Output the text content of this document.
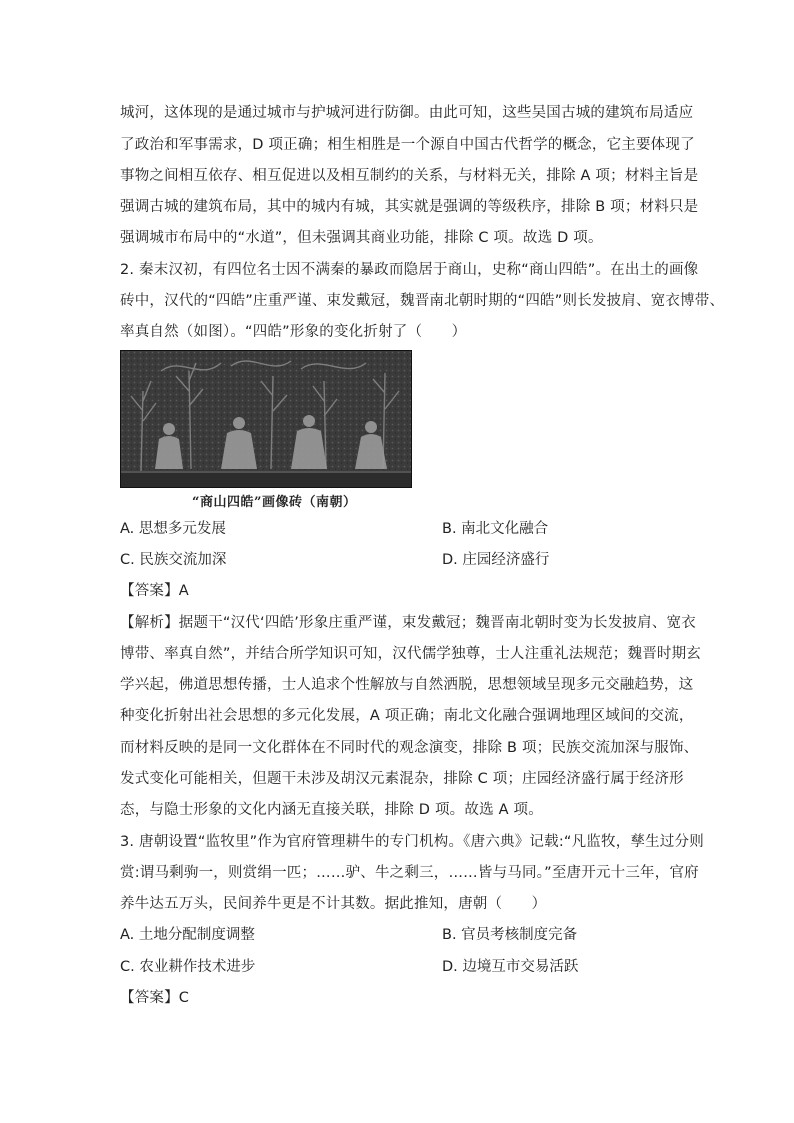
城河，这体现的是通过城市与护城河进行防御。由此可知，这些吴国古城的建筑布局适应
了政治和军事需求，D 项正确；相生相胜是一个源自中国古代哲学的概念，它主要体现了
事物之间相互依存、相互促进以及相互制约的关系，与材料无关，排除 A 项；材料主旨是
强调古城的建筑布局，其中的城内有城，其实就是强调的等级秩序，排除 B 项；材料只是
强调城市布局中的“水道”，但未强调其商业功能，排除 C 项。故选 D 项。
2. 秦末汉初，有四位名士因不满秦的暴政而隐居于商山，史称“商山四皓”。在出土的画像
砖中，汉代的“四皓”庄重严谨、束发戴冠，魏晋南北朝时期的“四皓”则长发披肩、宽衣博带、
率真自然（如图）。“四皓”形象的变化折射了（　　）
“商山四皓”画像砖（南朝）
A. 思想多元发展	B. 南北文化融合
C. 民族交流加深	D. 庄园经济盛行
【答案】A
【解析】据题干“汉代‘四皓’形象庄重严谨，束发戴冠；魏晋南北朝时变为长发披肩、宽衣
博带、率真自然”，并结合所学知识可知，汉代儒学独尊，士人注重礼法规范；魏晋时期玄
学兴起，佛道思想传播，士人追求个性解放与自然洒脱，思想领域呈现多元交融趋势，这
种变化折射出社会思想的多元化发展，A 项正确；南北文化融合强调地理区域间的交流，
而材料反映的是同一文化群体在不同时代的观念演变，排除 B 项；民族交流加深与服饰、
发式变化可能相关，但题干未涉及胡汉元素混杂，排除 C 项；庄园经济盛行属于经济形
态，与隐士形象的文化内涵无直接关联，排除 D 项。故选 A 项。
3. 唐朝设置“监牧里”作为官府管理耕牛的专门机构。《唐六典》记载:“凡监牧，孳生过分则
赏:谓马剩驹一，则赏绢一匹；……驴、牛之剩三，……皆与马同。”至唐开元十三年，官府
养牛达五万头，民间养牛更是不计其数。据此推知，唐朝（　　）
A. 土地分配制度调整	B. 官员考核制度完备
C. 农业耕作技术进步	D. 边境互市交易活跃
【答案】C
